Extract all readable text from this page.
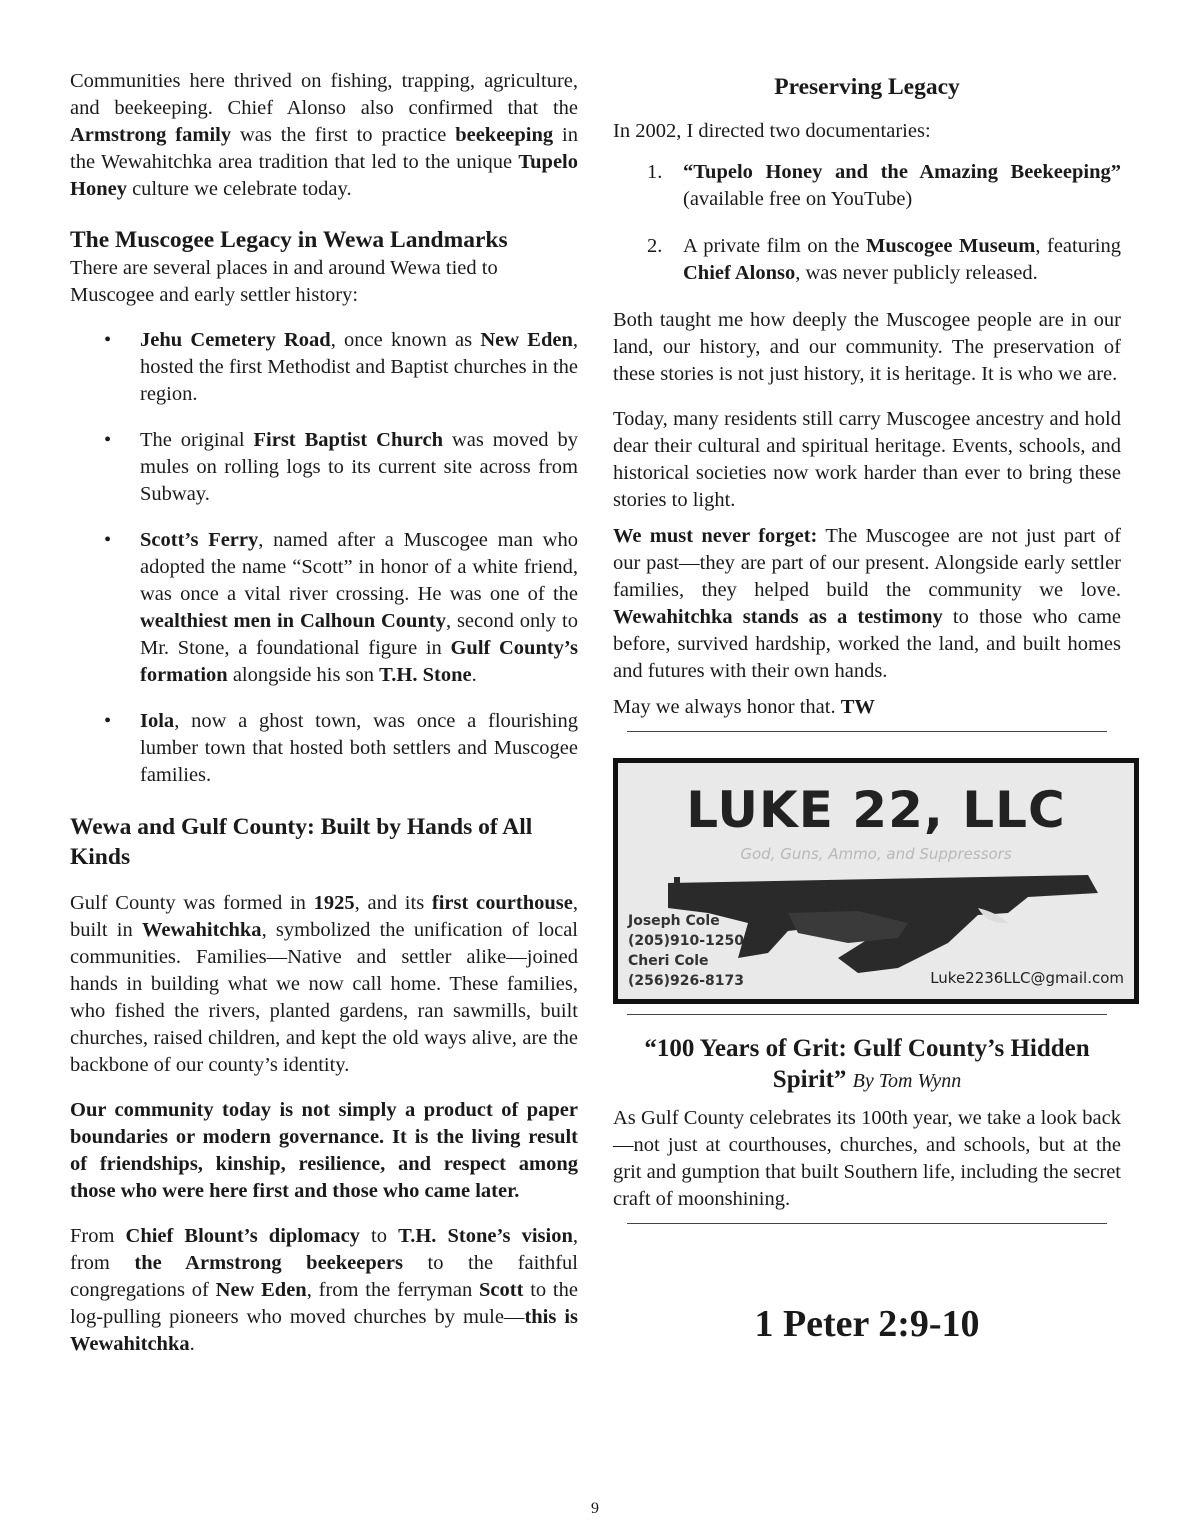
Communities here thrived on fishing, trapping, agriculture, and beekeeping. Chief Alonso also confirmed that the Armstrong family was the first to practice beekeeping in the Wewahitchka area tradition that led to the unique Tupelo Honey culture we celebrate today.

The Muscogee Legacy in Wewa Landmarks

There are several places in and around Wewa tied to Muscogee and early settler history:

• Jehu Cemetery Road, once known as New Eden, hosted the first Methodist and Baptist churches in the region.
• The original First Baptist Church was moved by mules on rolling logs to its current site across from Subway.
• Scott’s Ferry, named after a Muscogee man who adopted the name “Scott” in honor of a white friend, was once a vital river crossing. He was one of the wealthiest men in Calhoun County, second only to Mr. Stone, a foundational figure in Gulf County’s formation alongside his son T.H. Stone.
• Iola, now a ghost town, was once a flourishing lumber town that hosted both settlers and Muscogee families.
Wewa and Gulf County: Built by Hands of All Kinds

Gulf County was formed in 1925, and its first courthouse, built in Wewahitchka, symbolized the unification of local communities. Families—Native and settler alike—joined hands in building what we now call home. These families, who fished the rivers, planted gardens, ran sawmills, built churches, raised children, and kept the old ways alive, are the backbone of our county’s identity.

Our community today is not simply a product of paper boundaries or modern governance. It is the living result of friendships, kinship, resilience, and respect among those who were here first and those who came later.

From Chief Blount’s diplomacy to T.H. Stone’s vision, from the Armstrong beekeepers to the faithful congregations of New Eden, from the ferryman Scott to the log-pulling pioneers who moved churches by mule—this is Wewahitchka.

Preserving Legacy

In 2002, I directed two documentaries:

1. “Tupelo Honey and the Amazing Beekeeping” (available free on YouTube)
2. A private film on the Muscogee Museum, featuring Chief Alonso, was never publicly released.

Both taught me how deeply the Muscogee people are in our land, our history, and our community. The preservation of these stories is not just history, it is heritage. It is who we are.

Today, many residents still carry Muscogee ancestry and hold dear their cultural and spiritual heritage. Events, schools, and historical societies now work harder than ever to bring these stories to light.

We must never forget: The Muscogee are not just part of our past—they are part of our present. Alongside early settler families, they helped build the community we love. Wewahitchka stands as a testimony to those who came before, survived hardship, worked the land, and built homes and futures with their own hands.

May we always honor that. TW

LUKE 22, LLC
God, Guns, Ammo, and Suppressors
Joseph Cole
(205)910-1250
Cheri Cole
(256)926-8173	Luke2236LLC@gmail.com
“100 Years of Grit: Gulf County’s Hidden Spirit” By Tom Wynn

As Gulf County celebrates its 100th year, we take a look back—not just at courthouses, churches, and schools, but at the grit and gumption that built Southern life, including the secret craft of moonshining.

1 Peter 2:9-10
9
